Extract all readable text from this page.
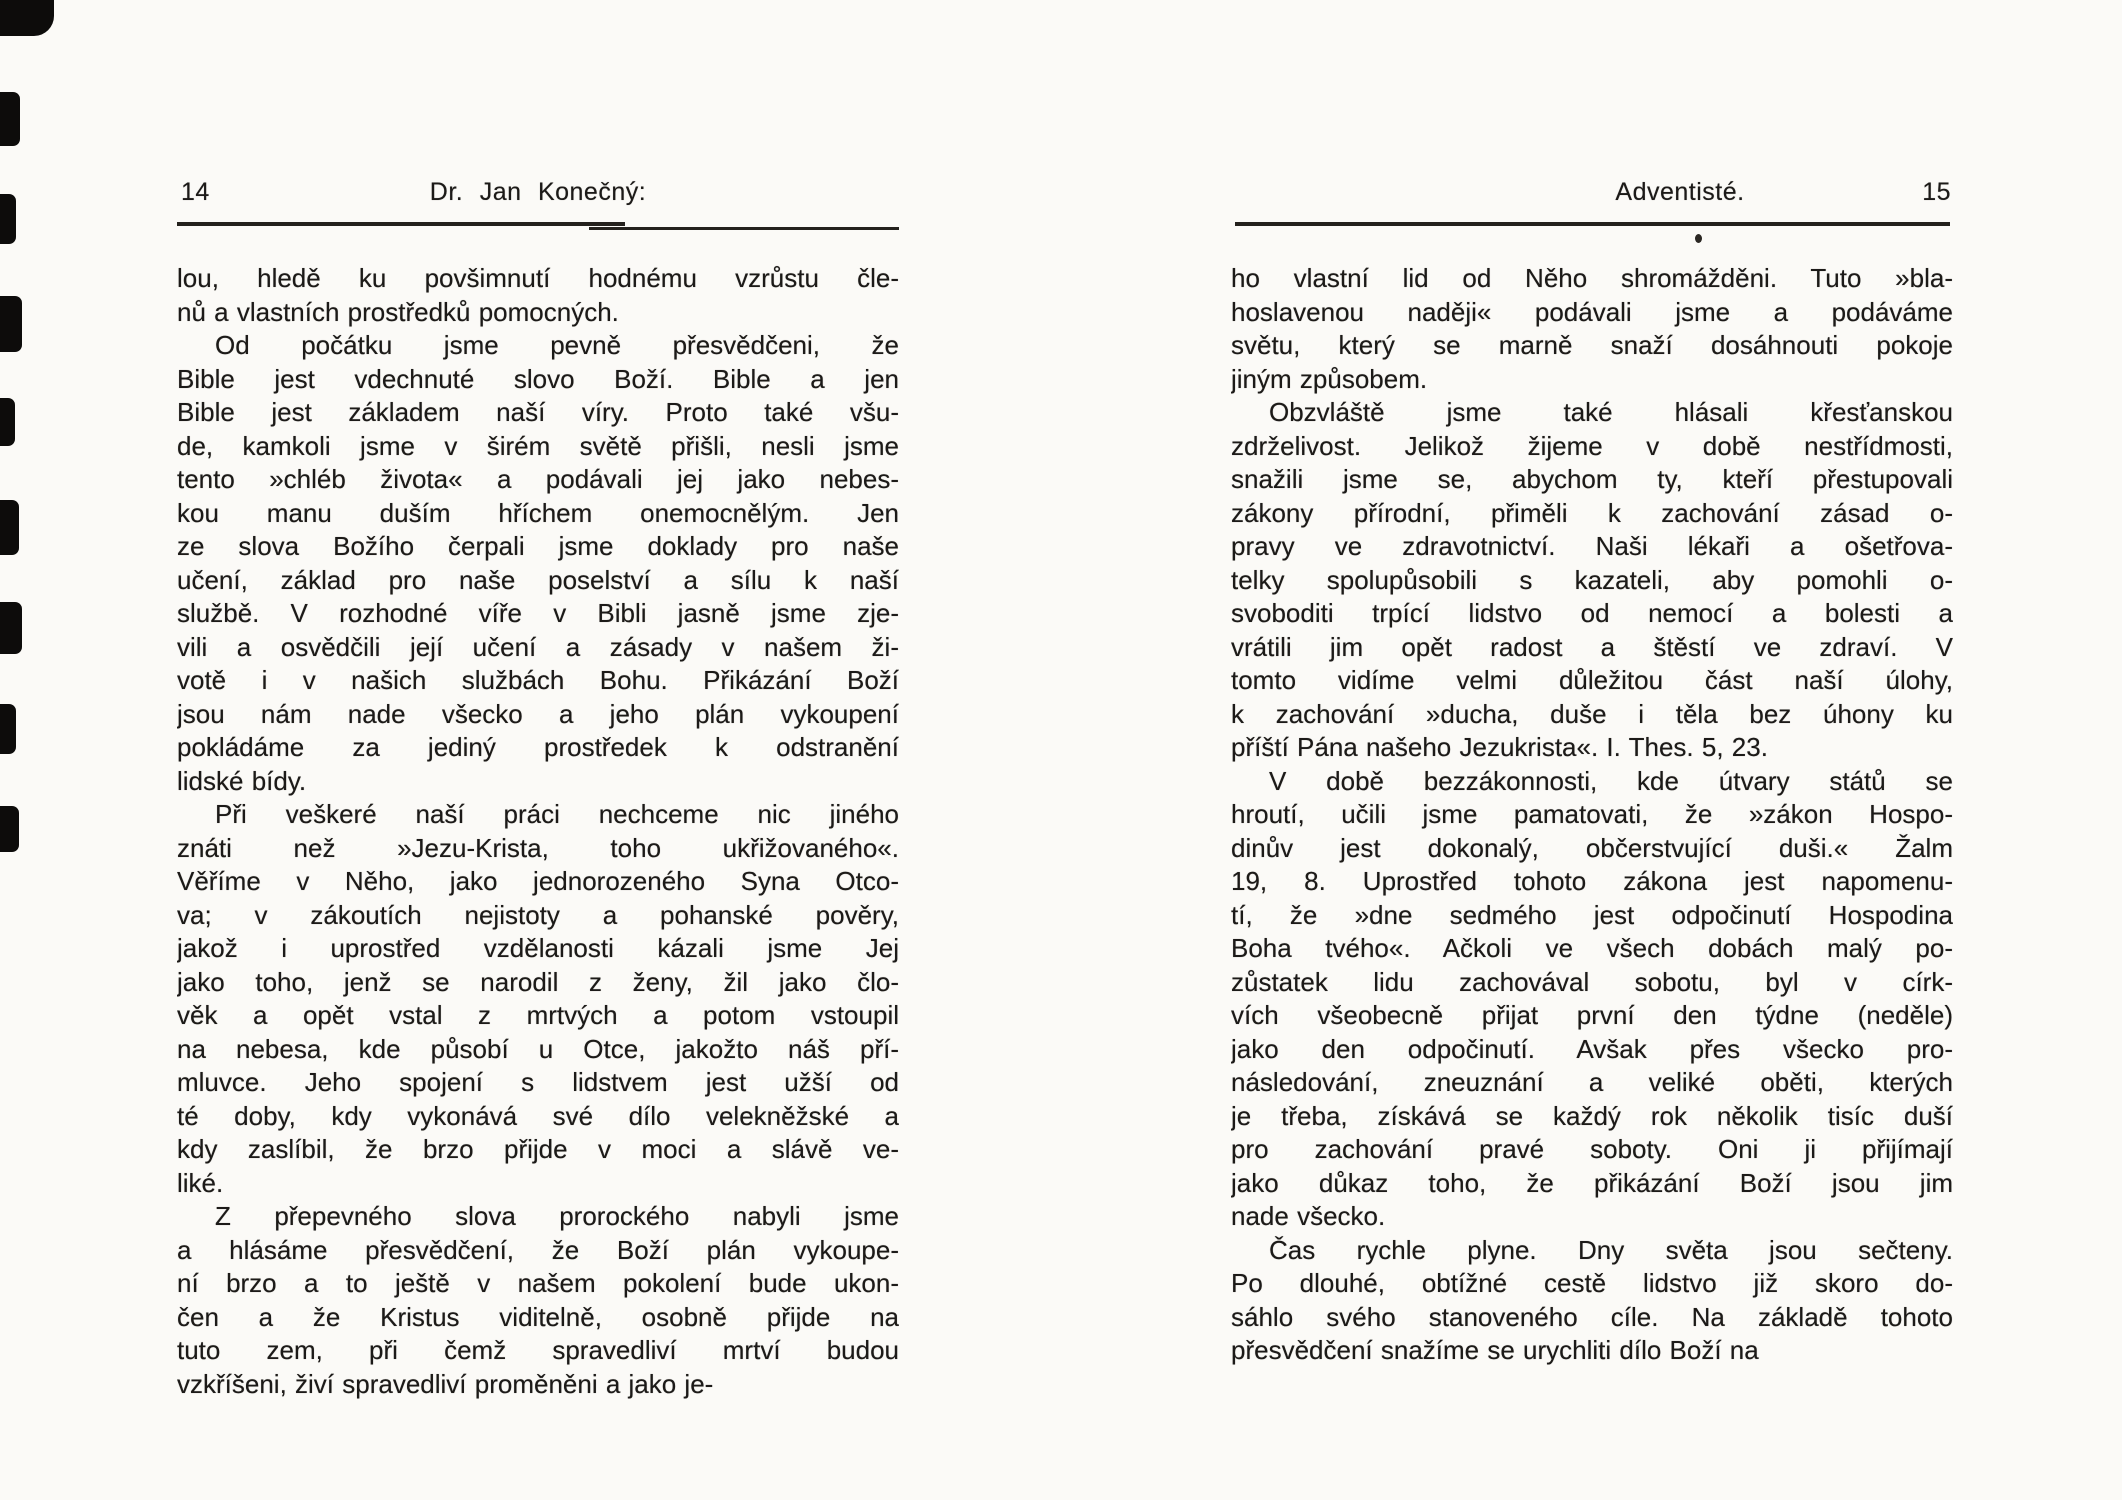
14	Dr. Jan Konečný:
lou, hledě ku povšimnutí hodnému vzrůstu čle-
nů a vlastních prostředků pomocných.
Od počátku jsme pevně přesvědčeni, že
Bible jest vdechnuté slovo Boží. Bible a jen
Bible jest základem naší víry. Proto také všu-
de, kamkoli jsme v širém světě přišli, nesli jsme
tento »chléb života« a podávali jej jako nebes-
kou manu duším hříchem onemocnělým. Jen
ze slova Božího čerpali jsme doklady pro naše
učení, základ pro naše poselství a sílu k naší
službě. V rozhodné víře v Bibli jasně jsme zje-
vili a osvědčili její učení a zásady v našem ži-
votě i v našich službách Bohu. Přikázání Boží
jsou nám nade všecko a jeho plán vykoupení
pokládáme za jediný prostředek k odstranění
lidské bídy.
Při veškeré naší práci nechceme nic jiného
znáti než »Jezu-Krista, toho ukřižovaného«.
Věříme v Něho, jako jednorozeného Syna Otco-
va; v zákoutích nejistoty a pohanské pověry,
jakož i uprostřed vzdělanosti kázali jsme Jej
jako toho, jenž se narodil z ženy, žil jako člo-
věk a opět vstal z mrtvých a potom vstoupil
na nebesa, kde působí u Otce, jakožto náš pří-
mluvce. Jeho spojení s lidstvem jest užší od
té doby, kdy vykonává své dílo velekněžské a
kdy zaslíbil, že brzo přijde v moci a slávě ve-
liké.
Z přepevného slova prorockého nabyli jsme
a hlásáme přesvědčení, že Boží plán vykoupe-
ní brzo a to ještě v našem pokolení bude ukon-
čen a že Kristus viditelně, osobně přijde na
tuto zem, při čemž spravedliví mrtví budou
vzkříšeni, živí spravedliví proměněni a jako je-
Adventisté.	15
ho vlastní lid od Něho shromážděni. Tuto »bla-
hoslavenou naději« podávali jsme a podáváme
světu, který se marně snaží dosáhnouti pokoje
jiným způsobem.
Obzvláště jsme také hlásali křesťanskou
zdrželivost. Jelikož žijeme v době nestřídmosti,
snažili jsme se, abychom ty, kteří přestupovali
zákony přírodní, přiměli k zachování zásad o-
pravy ve zdravotnictví. Naši lékaři a ošetřova-
telky spolupůsobili s kazateli, aby pomohli o-
svoboditi trpící lidstvo od nemocí a bolesti a
vrátili jim opět radost a štěstí ve zdraví. V
tomto vidíme velmi důležitou část naší úlohy,
k zachování »ducha, duše i těla bez úhony ku
příští Pána našeho Jezukrista«. I. Thes. 5, 23.
V době bezzákonnosti, kde útvary států se
hroutí, učili jsme pamatovati, že »zákon Hospo-
dinův jest dokonalý, občerstvující duši.« Žalm
19, 8. Uprostřed tohoto zákona jest napomenu-
tí, že »dne sedmého jest odpočinutí Hospodina
Boha tvého«. Ačkoli ve všech dobách malý po-
zůstatek lidu zachovával sobotu, byl v círk-
vích všeobecně přijat první den týdne (neděle)
jako den odpočinutí. Avšak přes všecko pro-
následování, zneuznání a veliké oběti, kterých
je třeba, získává se každý rok několik tisíc duší
pro zachování pravé soboty. Oni ji přijímají
jako důkaz toho, že přikázání Boží jsou jim
nade všecko.
Čas rychle plyne. Dny světa jsou sečteny.
Po dlouhé, obtížné cestě lidstvo již skoro do-
sáhlo svého stanoveného cíle. Na základě tohoto
přesvědčení snažíme se urychliti dílo Boží na
